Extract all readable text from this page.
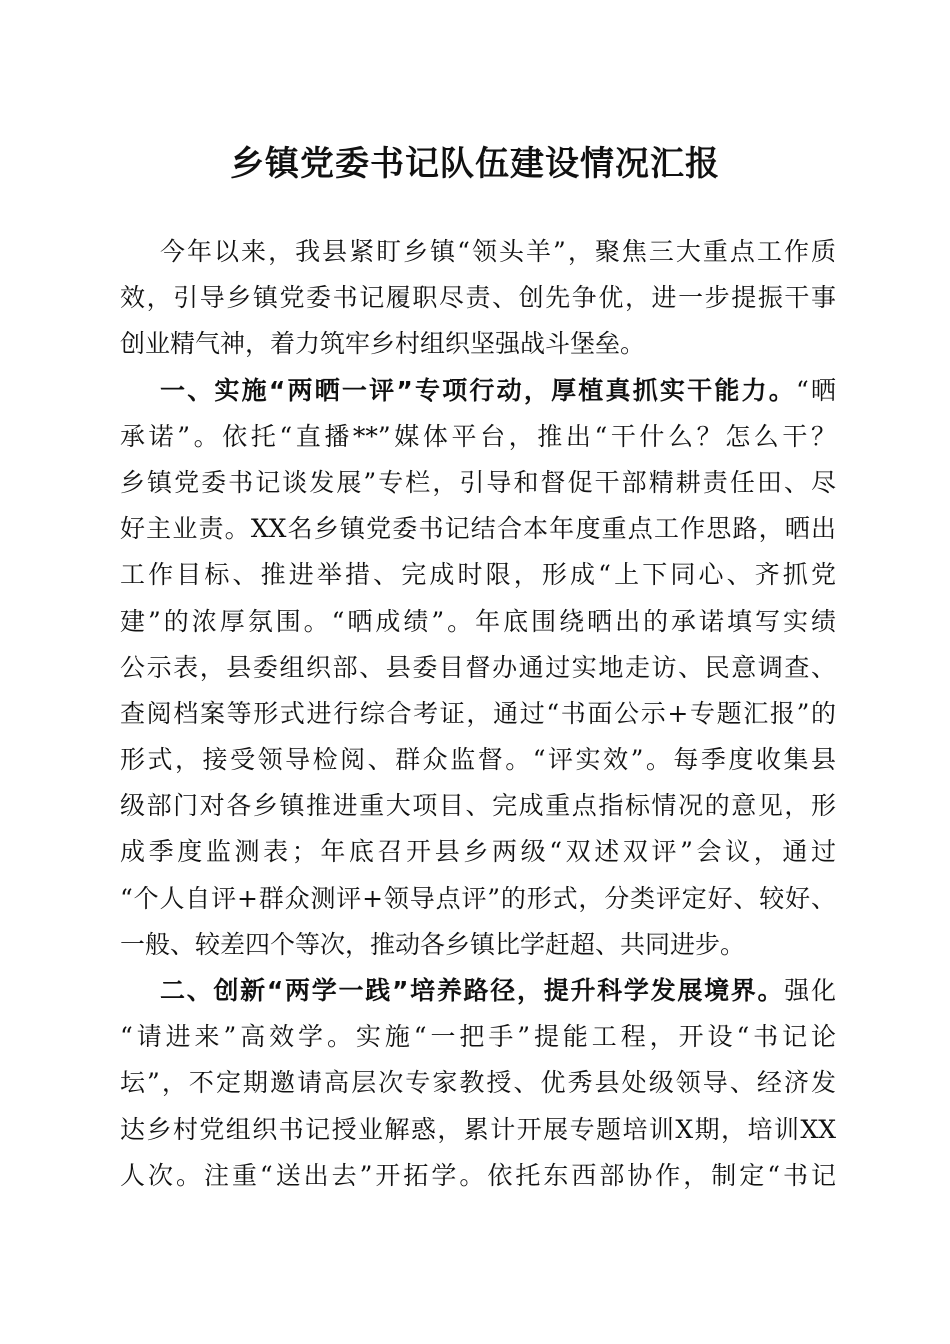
乡镇党委书记队伍建设情况汇报
今年以来，我县紧盯乡镇“领头羊”，聚焦三大重点工作质
效，引导乡镇党委书记履职尽责、创先争优，进一步提振干事
创业精气神，着力筑牢乡村组织坚强战斗堡垒。
一、实施“两晒一评”专项行动，厚植真抓实干能力。“晒
承诺”。依托“直播**”媒体平台，推出“干什么？怎么干？
乡镇党委书记谈发展”专栏，引导和督促干部精耕责任田、尽
好主业责。XX名乡镇党委书记结合本年度重点工作思路，晒出
工作目标、推进举措、完成时限，形成“上下同心、齐抓党
建”的浓厚氛围。“晒成绩”。年底围绕晒出的承诺填写实绩
公示表，县委组织部、县委目督办通过实地走访、民意调查、
查阅档案等形式进行综合考证，通过“书面公示+专题汇报”的
形式，接受领导检阅、群众监督。“评实效”。每季度收集县
级部门对各乡镇推进重大项目、完成重点指标情况的意见，形
成季度监测表；年底召开县乡两级“双述双评”会议，通过
“个人自评+群众测评+领导点评”的形式，分类评定好、较好、
一般、较差四个等次，推动各乡镇比学赶超、共同进步。
二、创新“两学一践”培养路径，提升科学发展境界。强化
“请进来”高效学。实施“一把手”提能工程，开设“书记论
坛”，不定期邀请高层次专家教授、优秀县处级领导、经济发
达乡村党组织书记授业解惑，累计开展专题培训X期，培训XX
人次。注重“送出去”开拓学。依托东西部协作，制定“书记
